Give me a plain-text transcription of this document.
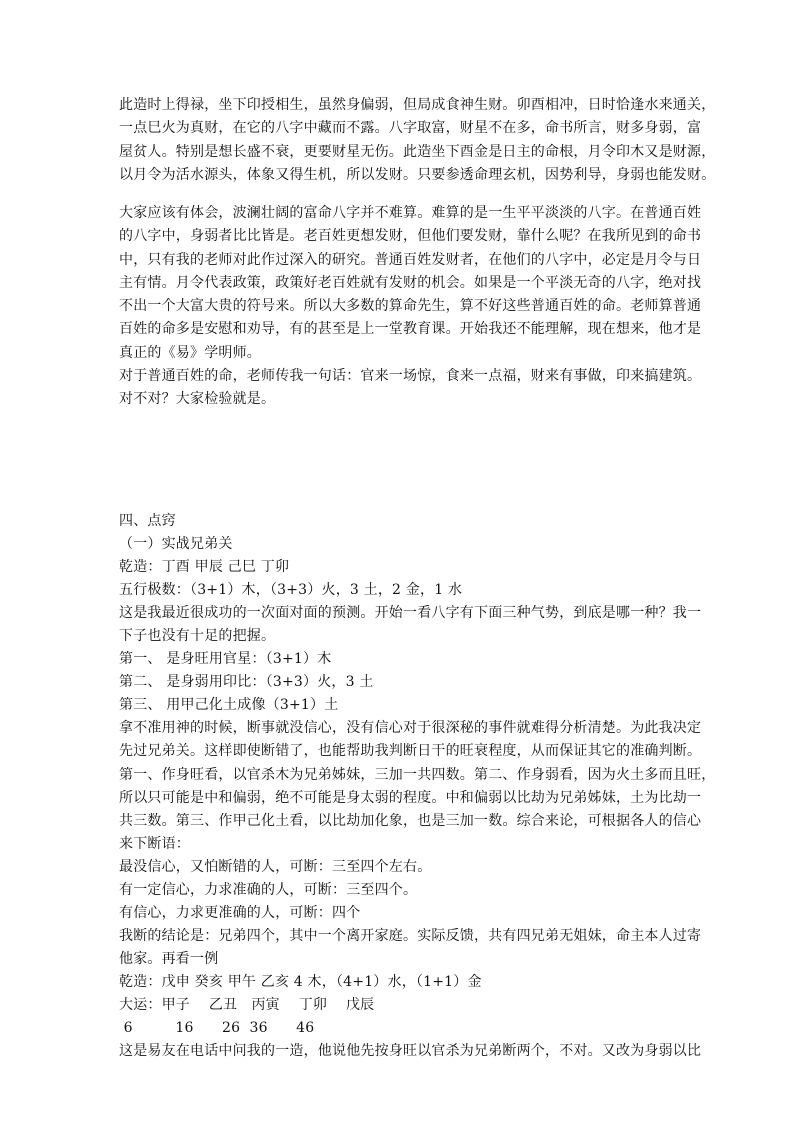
此造时上得禄，坐下印授相生，虽然身偏弱，但局成食神生财。卯酉相冲，日时恰逢水来通关，
一点巳火为真财，在它的八字中藏而不露。八字取富，财星不在多，命书所言，财多身弱，富
屋贫人。特别是想长盛不衰，更要财星无伤。此造坐下酉金是日主的命根，月令印木又是财源，
以月令为活水源头，体象又得生机，所以发财。只要参透命理玄机，因势利导，身弱也能发财。
大家应该有体会，波澜壮阔的富命八字并不难算。难算的是一生平平淡淡的八字。在普通百姓
的八字中，身弱者比比皆是。老百姓更想发财，但他们要发财，靠什么呢？在我所见到的命书
中，只有我的老师对此作过深入的研究。普通百姓发财者，在他们的八字中，必定是月令与日
主有情。月令代表政策，政策好老百姓就有发财的机会。如果是一个平淡无奇的八字，绝对找
不出一个大富大贵的符号来。所以大多数的算命先生，算不好这些普通百姓的命。老师算普通
百姓的命多是安慰和劝导，有的甚至是上一堂教育课。开始我还不能理解，现在想来，他才是
真正的《易》学明师。
对于普通百姓的命，老师传我一句话：官来一场惊，食来一点福，财来有事做，印来搞建筑。
对不对？大家检验就是。
四、点窍
（一）实战兄弟关
乾造：丁酉 甲辰 己巳 丁卯
五行极数：（3+1）木，（3+3）火，3 土，2 金，1 水
这是我最近很成功的一次面对面的预测。开始一看八字有下面三种气势，到底是哪一种？我一
下子也没有十足的把握。
第一、 是身旺用官星：（3+1）木
第二、 是身弱用印比：（3+3）火，3 土
第三、 用甲己化土成像（3+1）土
拿不准用神的时候，断事就没信心，没有信心对于很深秘的事件就难得分析清楚。为此我决定
先过兄弟关。这样即使断错了，也能帮助我判断日干的旺衰程度，从而保证其它的准确判断。
第一、作身旺看，以官杀木为兄弟姊妹，三加一共四数。第二、作身弱看，因为火土多而且旺，
所以只可能是中和偏弱，绝不可能是身太弱的程度。中和偏弱以比劫为兄弟姊妹，土为比劫一
共三数。第三、作甲己化土看，以比劫加化象，也是三加一数。综合来论，可根据各人的信心
来下断语：
最没信心，又怕断错的人，可断：三至四个左右。
有一定信心，力求准确的人，可断：三至四个。
有信心，力求更准确的人，可断：四个
我断的结论是：兄弟四个，其中一个离开家庭。实际反馈，共有四兄弟无姐妹，命主本人过寄
他家。再看一例
乾造：戊申 癸亥 甲午 乙亥 4 木，（4+1）水，（1+1）金
大运：甲子　 乙丑　丙寅　 丁卯　 戊辰
6　　　16　　26  36　　46
这是易友在电话中问我的一造，他说他先按身旺以官杀为兄弟断两个，不对。又改为身弱以比
